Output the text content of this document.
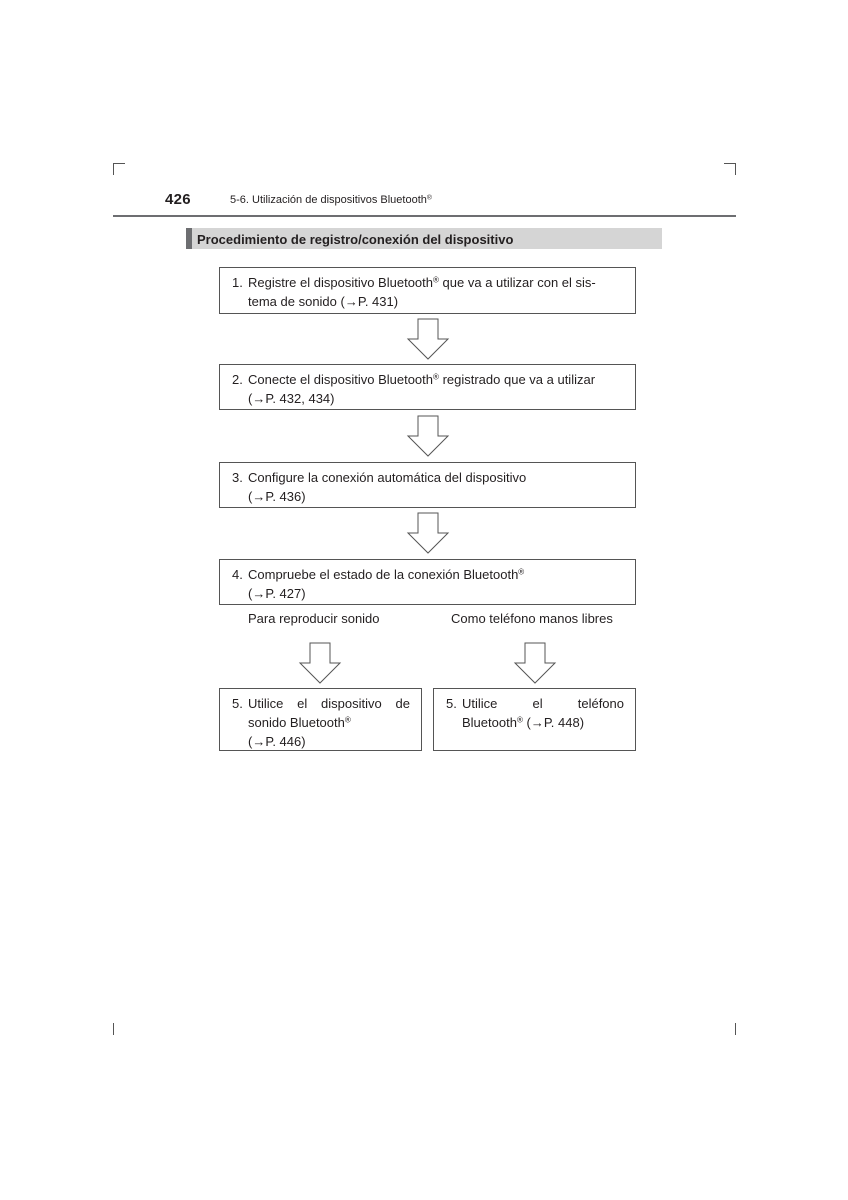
426	5-6. Utilización de dispositivos Bluetooth®
Procedimiento de registro/conexión del dispositivo
1. Registre el dispositivo Bluetooth® que va a utilizar con el sis-
tema de sonido (→P. 431)
2. Conecte el dispositivo Bluetooth® registrado que va a utilizar
(→P. 432, 434)
3. Configure la conexión automática del dispositivo
(→P. 436)
4. Compruebe el estado de la conexión Bluetooth®
(→P. 427)
Para reproducir sonido	Como teléfono manos libres
5. Utilice el dispositivo de
sonido Bluetooth®
(→P. 446)
5. Utilice el teléfono
Bluetooth® (→P. 448)
